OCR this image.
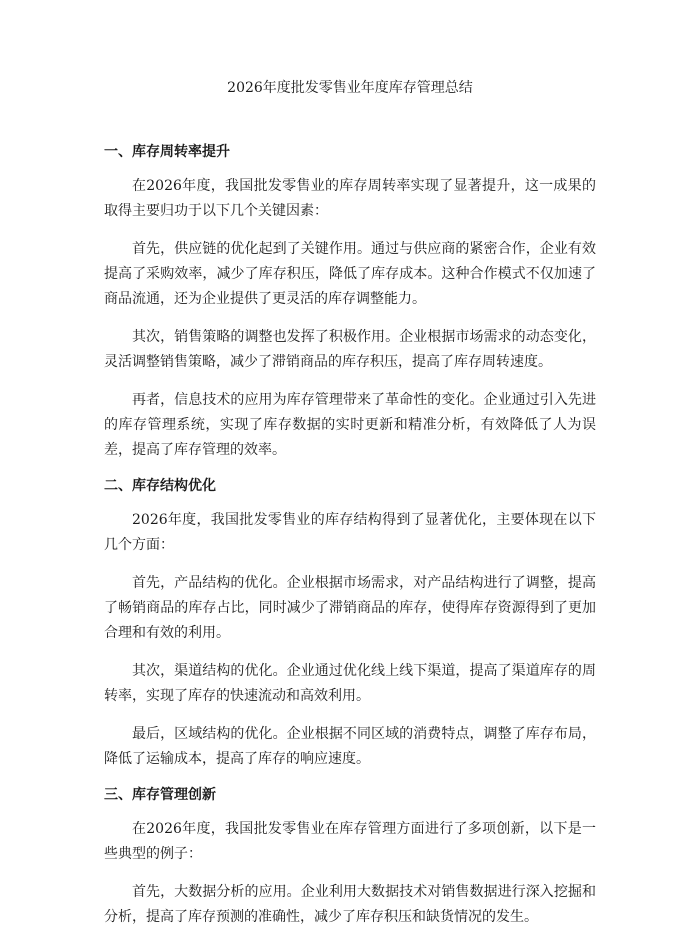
2026年度批发零售业年度库存管理总结
一、库存周转率提升

在2026年度，我国批发零售业的库存周转率实现了显著提升，这一成果的取得主要归功于以下几个关键因素：

首先，供应链的优化起到了关键作用。通过与供应商的紧密合作，企业有效提高了采购效率，减少了库存积压，降低了库存成本。这种合作模式不仅加速了商品流通，还为企业提供了更灵活的库存调整能力。

其次，销售策略的调整也发挥了积极作用。企业根据市场需求的动态变化，灵活调整销售策略，减少了滞销商品的库存积压，提高了库存周转速度。

再者，信息技术的应用为库存管理带来了革命性的变化。企业通过引入先进的库存管理系统，实现了库存数据的实时更新和精准分析，有效降低了人为误差，提高了库存管理的效率。

二、库存结构优化

2026年度，我国批发零售业的库存结构得到了显著优化，主要体现在以下几个方面：

首先，产品结构的优化。企业根据市场需求，对产品结构进行了调整，提高了畅销商品的库存占比，同时减少了滞销商品的库存，使得库存资源得到了更加合理和有效的利用。

其次，渠道结构的优化。企业通过优化线上线下渠道，提高了渠道库存的周转率，实现了库存的快速流动和高效利用。

最后，区域结构的优化。企业根据不同区域的消费特点，调整了库存布局，降低了运输成本，提高了库存的响应速度。

三、库存管理创新

在2026年度，我国批发零售业在库存管理方面进行了多项创新，以下是一些典型的例子：

首先，大数据分析的应用。企业利用大数据技术对销售数据进行深入挖掘和分析，提高了库存预测的准确性，减少了库存积压和缺货情况的发生。
